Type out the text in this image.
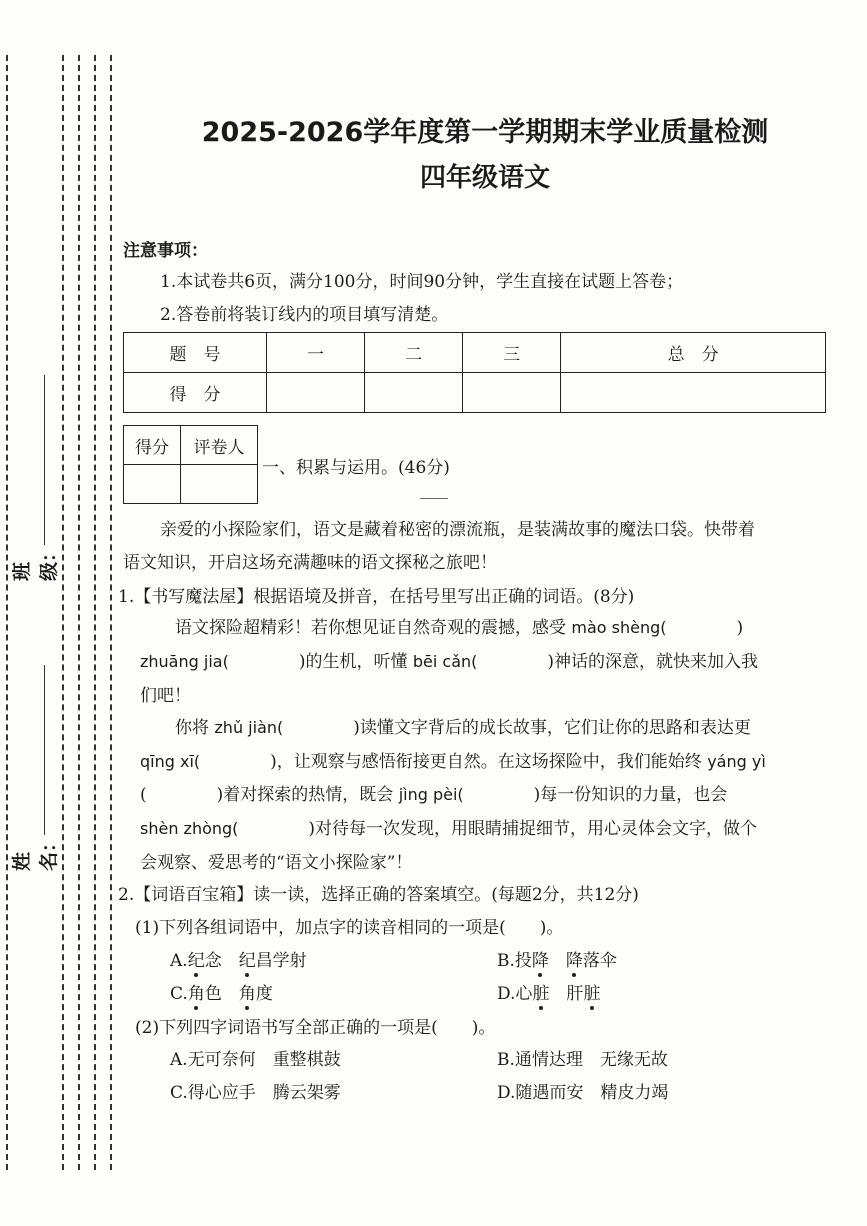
班级：
姓名：
2025-2026学年度第一学期期末学业质量检测
四年级语文
注意事项：
1.本试卷共6页，满分100分，时间90分钟，学生直接在试题上答卷；
2.答卷前将装订线内的项目填写清楚。
题　号	一	二	三	总　分
得　分				
得分	评卷人

一、积累与运用。(46分)
亲爱的小探险家们，语文是藏着秘密的漂流瓶，是装满故事的魔法口袋。快带着
语文知识，开启这场充满趣味的语文探秘之旅吧！
1.【书写魔法屋】根据语境及拼音，在括号里写出正确的词语。(8分)
语文探险超精彩！若你想见证自然奇观的震撼，感受 mào shèng(	)
zhuāng jia(	)的生机，听懂 bēi cǎn(	)神话的深意，就快来加入我
们吧！
你将 zhǔ jiàn(	)读懂文字背后的成长故事，它们让你的思路和表达更
qīng xī(	)，让观察与感悟衔接更自然。在这场探险中，我们能始终 yáng yì
(	)着对探索的热情，既会 jìng pèi(	)每一份知识的力量，也会
shèn zhòng(	)对待每一次发现，用眼睛捕捉细节，用心灵体会文字，做个
会观察、爱思考的“语文小探险家”！
2.【词语百宝箱】读一读，选择正确的答案填空。(每题2分，共12分)
(1)下列各组词语中，加点字的读音相同的一项是(　　)。
A.纪念　 纪昌学射	B.投降　 降落伞
C.角色　 角度	D.心脏　肝脏
(2)下列四字词语书写全部正确的一项是(　　)。
A.无可奈何　重整棋鼓	B.通情达理　无缘无故
C.得心应手　腾云架雾	D.随遇而安　精皮力竭
